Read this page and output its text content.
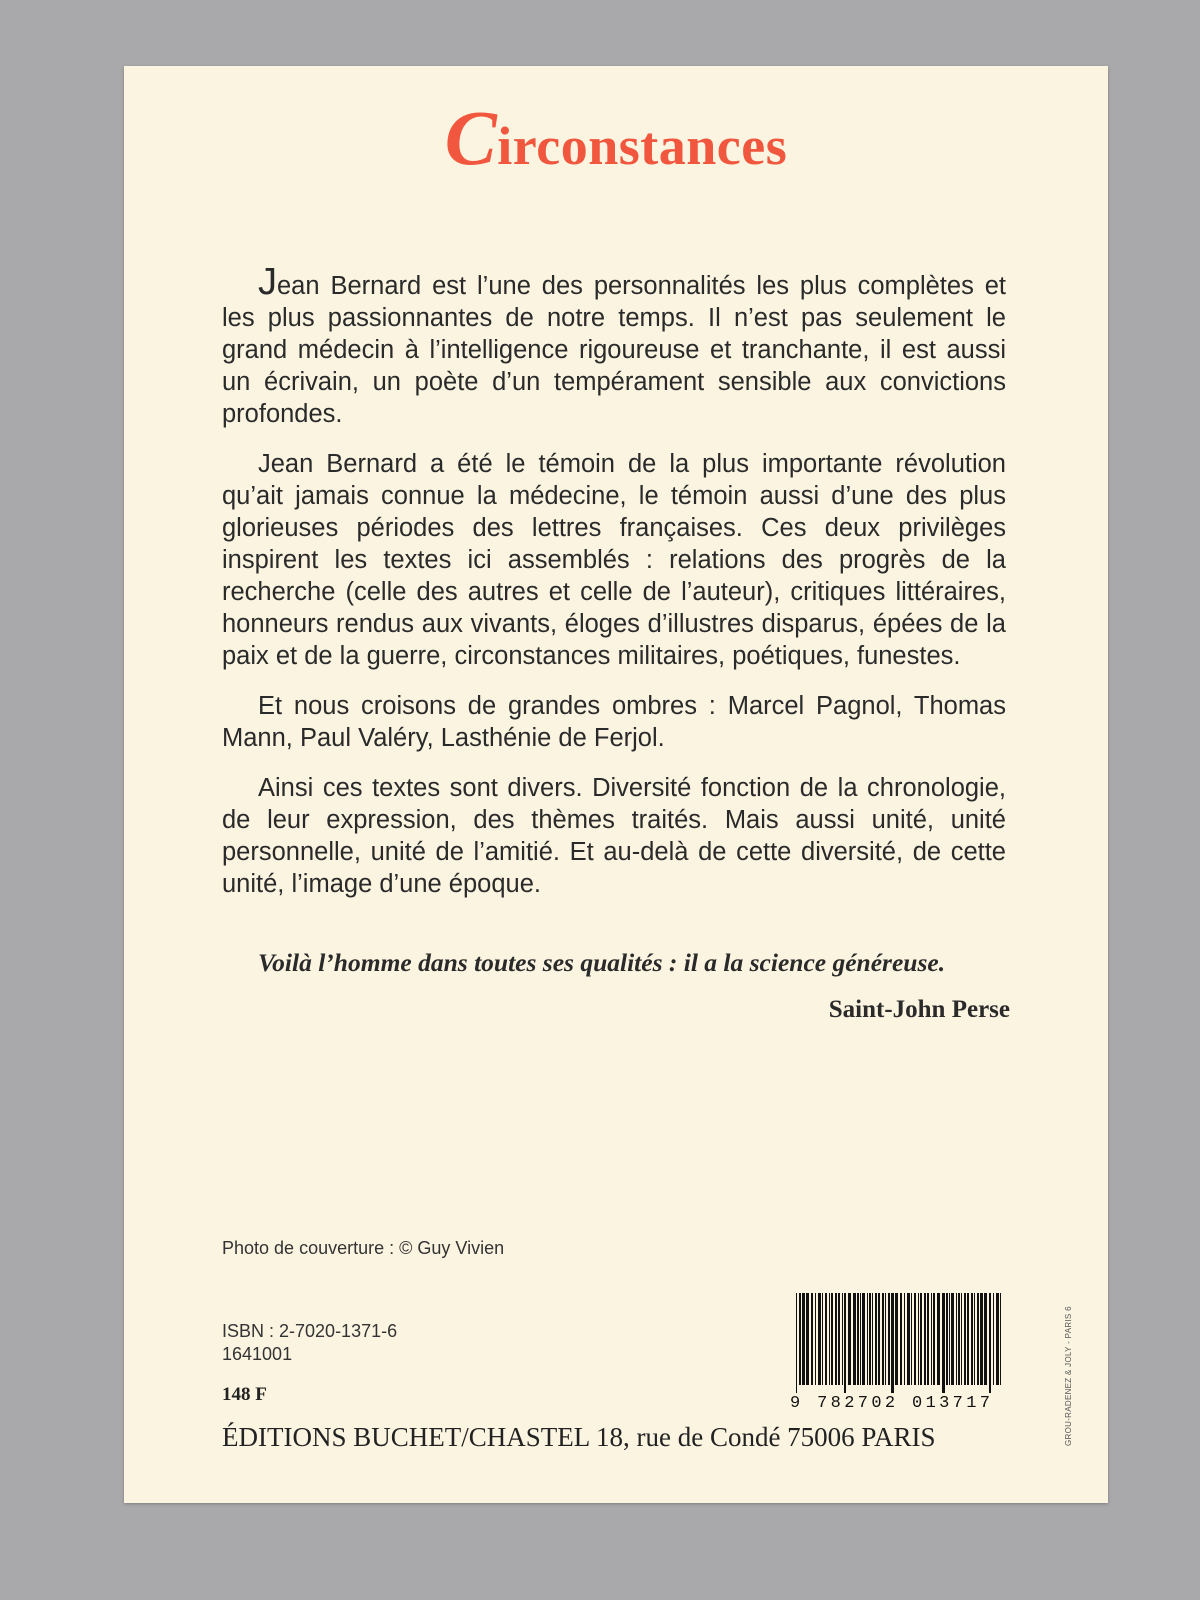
Circonstances

Jean Bernard est l’une des personnalités les plus complètes et les plus passionnantes de notre temps. Il n’est pas seulement le grand médecin à l’intelligence rigoureuse et tranchante, il est aussi un écrivain, un poète d’un tempérament sensible aux convictions profondes.

Jean Bernard a été le témoin de la plus importante révolution qu’ait jamais connue la médecine, le témoin aussi d’une des plus glorieuses périodes des lettres françaises. Ces deux privilèges inspirent les textes ici assemblés : relations des progrès de la recherche (celle des autres et celle de l’auteur), critiques littéraires, honneurs rendus aux vivants, éloges d’illustres disparus, épées de la paix et de la guerre, circonstances militaires, poétiques, funestes.

Et nous croisons de grandes ombres : Marcel Pagnol, Thomas Mann, Paul Valéry, Lasthénie de Ferjol.

Ainsi ces textes sont divers. Diversité fonction de la chronologie, de leur expression, des thèmes traités. Mais aussi unité, unité personnelle, unité de l’amitié. Et au-delà de cette diversité, de cette unité, l’image d’une époque.

Voilà l’homme dans toutes ses qualités : il a la science généreuse.
Saint-John Perse
Photo de couverture : © Guy Vivien
ISBN : 2-7020-1371-6
1641001
148 F	9 782702 013717
ÉDITIONS BUCHET/CHASTEL 18, rue de Condé 75006 PARIS	GROU-RADENEZ & JOLY - PARIS 6
